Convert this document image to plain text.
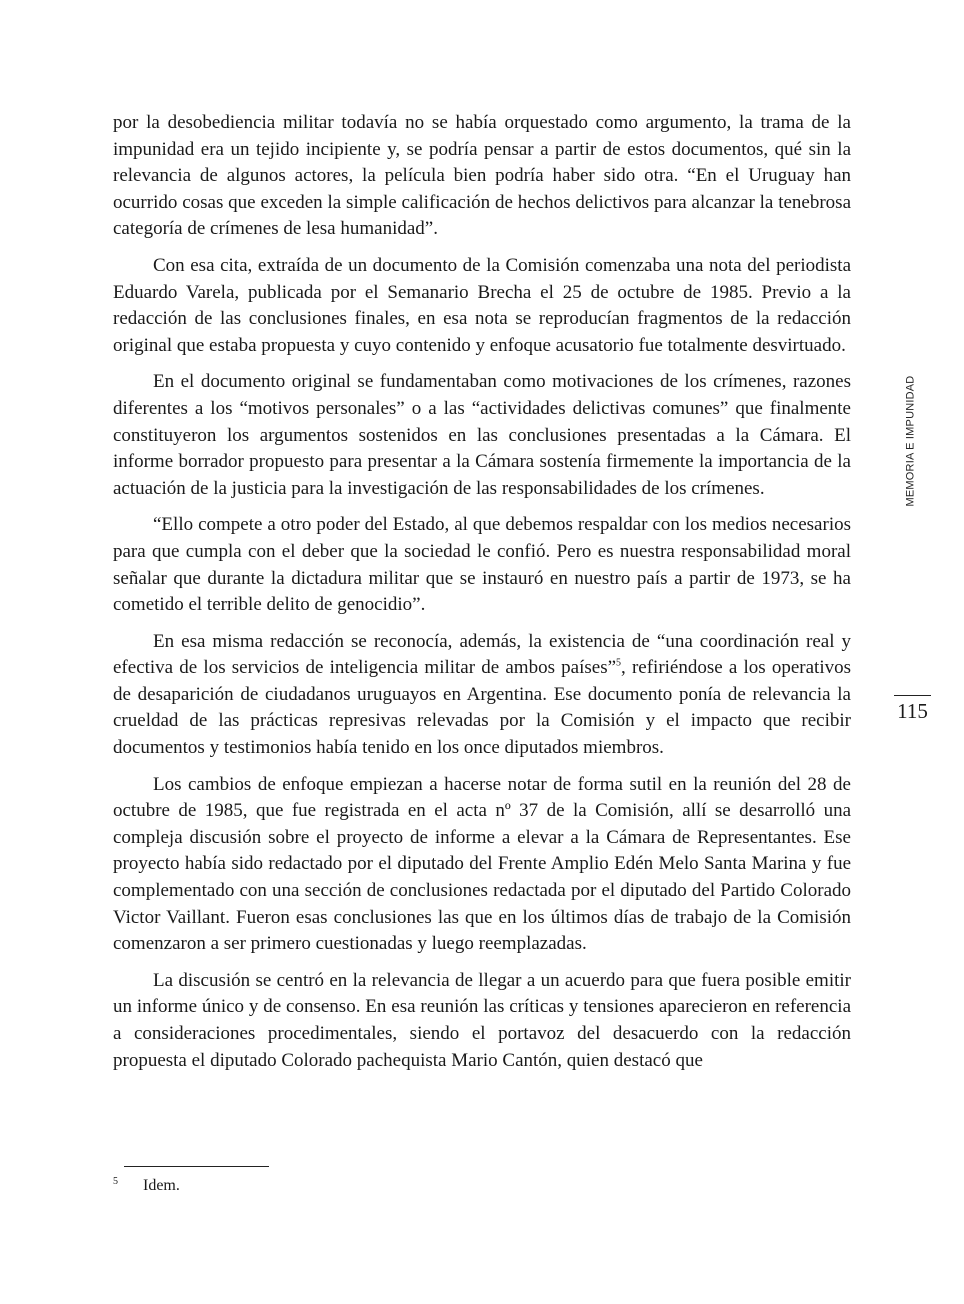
por la desobediencia militar todavía no se había orquestado como argumento, la trama de la impunidad era un tejido incipiente y, se podría pensar a partir de estos documentos, qué sin la relevancia de algunos actores, la película bien podría haber sido otra. “En el Uruguay han ocurrido cosas que exceden la simple calificación de hechos delictivos para alcanzar la tenebrosa categoría de crímenes de lesa humanidad”.

Con esa cita, extraída de un documento de la Comisión comenzaba una nota del periodista Eduardo Varela, publicada por el Semanario Brecha el 25 de octubre de 1985. Previo a la redacción de las conclusiones finales, en esa nota se reproducían fragmentos de la redacción original que estaba propuesta y cuyo contenido y enfoque acusatorio fue totalmente desvirtuado.

En el documento original se fundamentaban como motivaciones de los crímenes, razones diferentes a los “motivos personales” o a las “actividades delictivas comunes” que finalmente constituyeron los argumentos sostenidos en las conclusiones presentadas a la Cámara. El informe borrador propuesto para presentar a la Cámara sostenía firmemente la importancia de la actuación de la justicia para la investigación de las responsabilidades de los crímenes.

“Ello compete a otro poder del Estado, al que debemos respaldar con los medios necesarios para que cumpla con el deber que la sociedad le confió. Pero es nuestra responsabilidad moral señalar que durante la dictadura militar que se instauró en nuestro país a partir de 1973, se ha cometido el terrible delito de genocidio”.

En esa misma redacción se reconocía, además, la existencia de “una coordinación real y efectiva de los servicios de inteligencia militar de ambos países”$^5$, refiriéndose a los operativos de desaparición de ciudadanos uruguayos en Argentina. Ese documento ponía de relevancia la crueldad de las prácticas represivas relevadas por la Comisión y el impacto que recibir documentos y testimonios había tenido en los once diputados miembros.

Los cambios de enfoque empiezan a hacerse notar de forma sutil en la reunión del 28 de octubre de 1985, que fue registrada en el acta nº 37 de la Comisión, allí se desarrolló una compleja discusión sobre el proyecto de informe a elevar a la Cámara de Representantes. Ese proyecto había sido redactado por el diputado del Frente Amplio Edén Melo Santa Marina y fue complementado con una sección de conclusiones redactada por el diputado del Partido Colorado Victor Vaillant. Fueron esas conclusiones las que en los últimos días de trabajo de la Comisión comenzaron a ser primero cuestionadas y luego reemplazadas.

La discusión se centró en la relevancia de llegar a un acuerdo para que fuera posible emitir un informe único y de consenso. En esa reunión las críticas y tensiones aparecieron en referencia a consideraciones procedimentales, siendo el portavoz del desacuerdo con la redacción propuesta el diputado Colorado pachequista Mario Cantón, quien destacó que

MEMORIA E IMPUNIDAD
115
5 Idem.
